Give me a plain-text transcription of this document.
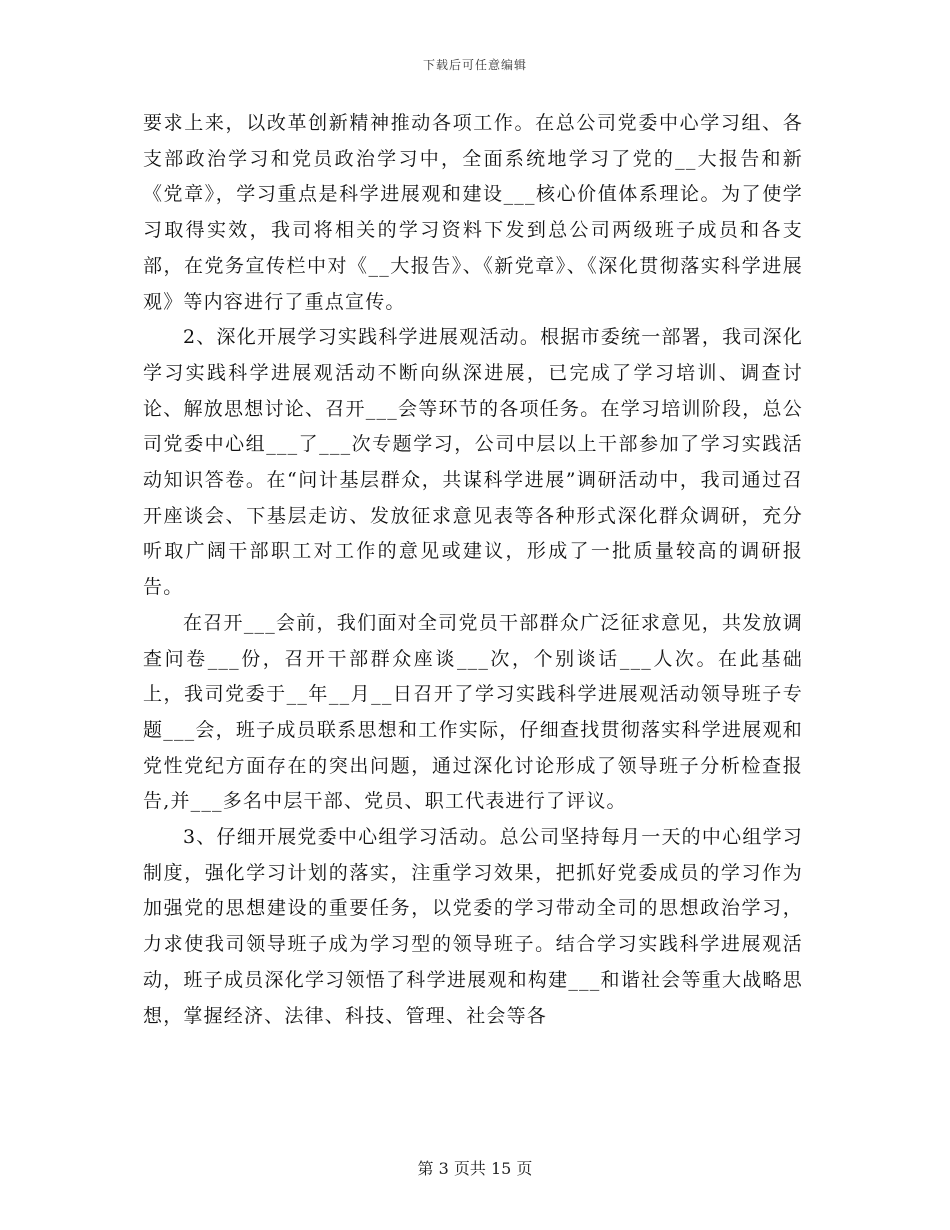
下载后可任意编辑

要求上来，以改革创新精神推动各项工作。在总公司党委中心学习组、各支部政治学习和党员政治学习中，全面系统地学习了党的__大报告和新《党章》，学习重点是科学进展观和建设___核心价值体系理论。为了使学习取得实效，我司将相关的学习资料下发到总公司两级班子成员和各支部，在党务宣传栏中对《__大报告》、《新党章》、《深化贯彻落实科学进展观》等内容进行了重点宣传。

2、深化开展学习实践科学进展观活动。根据市委统一部署，我司深化学习实践科学进展观活动不断向纵深进展，已完成了学习培训、调查讨论、解放思想讨论、召开___会等环节的各项任务。在学习培训阶段，总公司党委中心组___了___次专题学习，公司中层以上干部参加了学习实践活动知识答卷。在“问计基层群众，共谋科学进展”调研活动中，我司通过召开座谈会、下基层走访、发放征求意见表等各种形式深化群众调研，充分听取广阔干部职工对工作的意见或建议，形成了一批质量较高的调研报告。

在召开___会前，我们面对全司党员干部群众广泛征求意见，共发放调查问卷___份，召开干部群众座谈___次，个别谈话___人次。在此基础上，我司党委于__年__月__日召开了学习实践科学进展观活动领导班子专题___会，班子成员联系思想和工作实际，仔细查找贯彻落实科学进展观和党性党纪方面存在的突出问题，通过深化讨论形成了领导班子分析检查报告,并___多名中层干部、党员、职工代表进行了评议。

3、仔细开展党委中心组学习活动。总公司坚持每月一天的中心组学习制度，强化学习计划的落实，注重学习效果，把抓好党委成员的学习作为加强党的思想建设的重要任务，以党委的学习带动全司的思想政治学习，力求使我司领导班子成为学习型的领导班子。结合学习实践科学进展观活动，班子成员深化学习领悟了科学进展观和构建___和谐社会等重大战略思想，掌握经济、法律、科技、管理、社会等各

第 3 页共 15 页
